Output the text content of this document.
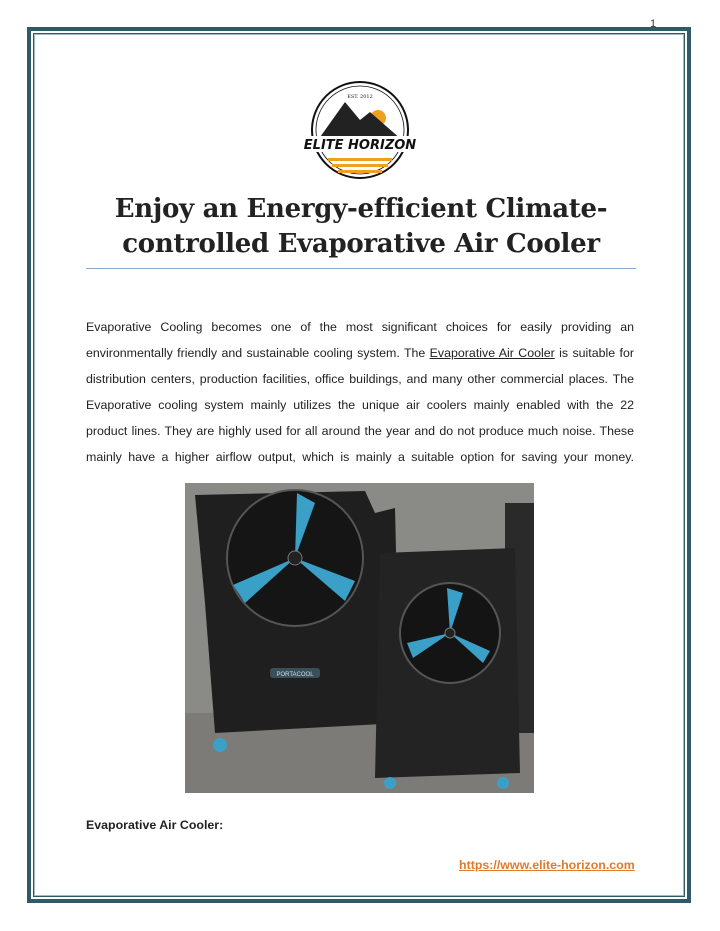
1
ELITE HORIZON
EST. 2012
Enjoy an Energy-efficient Climate-
controlled Evaporative Air Cooler
Evaporative Cooling becomes one of the most significant choices for easily providing an environmentally friendly and sustainable cooling system. The Evaporative Air Cooler is suitable for distribution centers, production facilities, office buildings, and many other commercial places. The Evaporative cooling system mainly utilizes the unique air coolers mainly enabled with the 22 product lines. They are highly used for all around the year and do not produce much noise. These mainly have a higher airflow output, which is mainly a suitable option for saving your money.
PORTACOOL
Evaporative Air Cooler:
https://www.elite-horizon.com
